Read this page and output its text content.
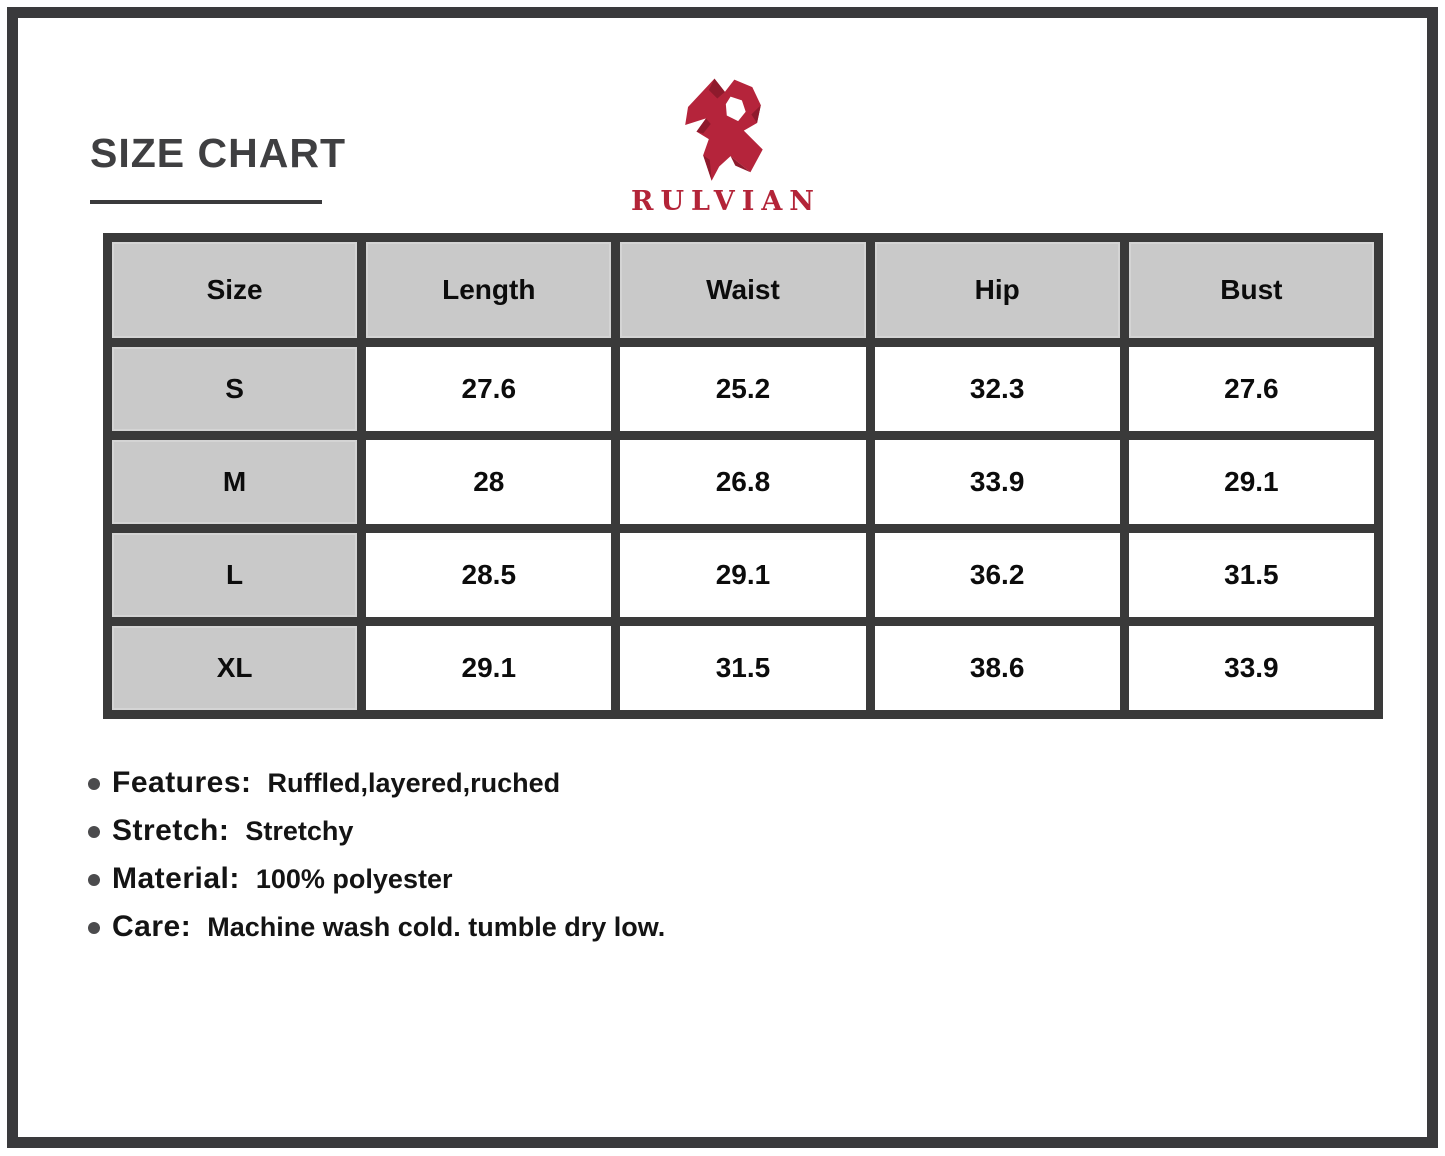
SIZE CHART
RULVIAN
Size	Length	Waist	Hip	Bust
S	27.6	25.2	32.3	27.6
M	28	26.8	33.9	29.1
L	28.5	29.1	36.2	31.5
XL	29.1	31.5	38.6	33.9
Features: Ruffled,layered,ruched
Stretch: Stretchy
Material: 100% polyester
Care: Machine wash cold. tumble dry low.
